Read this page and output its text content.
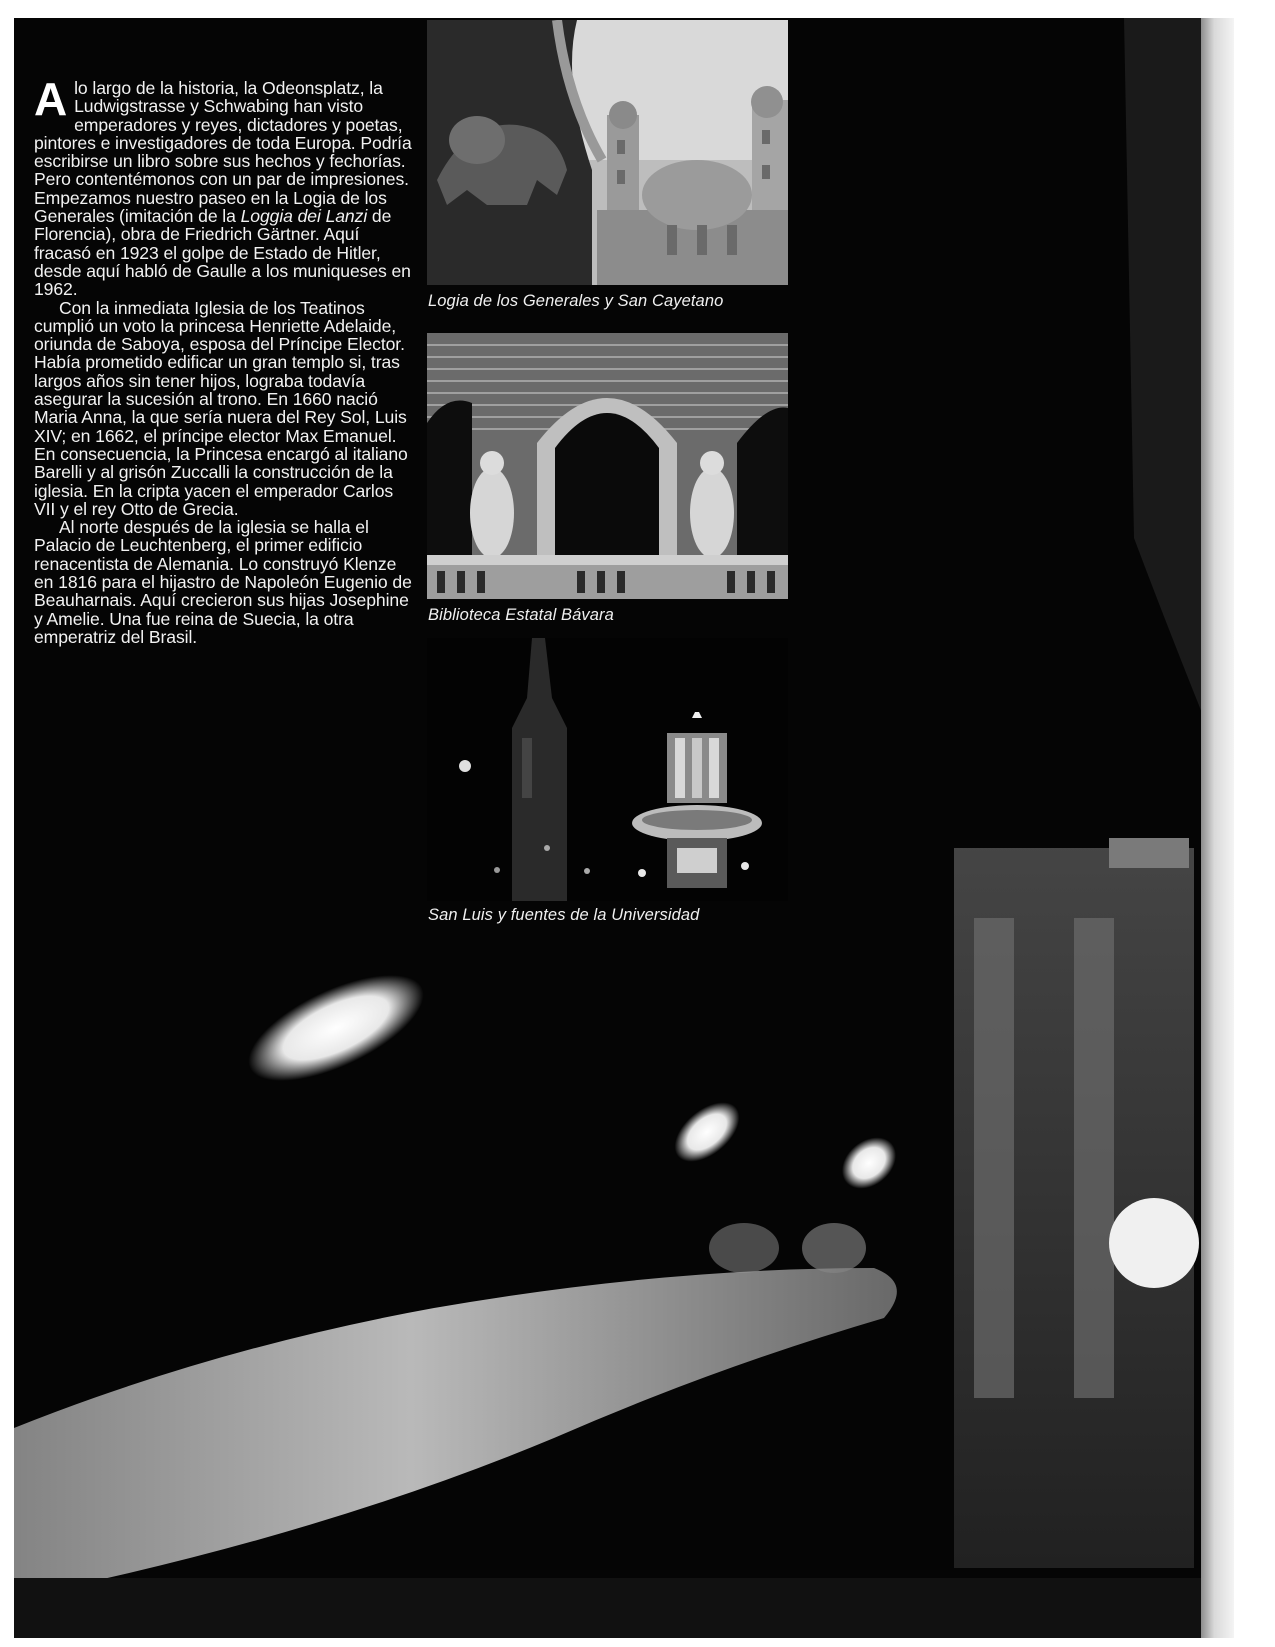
A lo largo de la historia, la Odeonsplatz, la Ludwigstrasse y Schwabing han visto emperadores y reyes, dictadores y poetas, pintores e investigadores de toda Europa. Podría escribirse un libro sobre sus hechos y fechorías. Pero contentémonos con un par de impresiones. Empezamos nuestro paseo en la Logia de los Generales (imitación de la Loggia dei Lanzi de Florencia), obra de Friedrich Gärtner. Aquí fracasó en 1923 el golpe de Estado de Hitler, desde aquí habló de Gaulle a los muniqueses en 1962.

Con la inmediata Iglesia de los Teatinos cumplió un voto la princesa Henriette Adelaide, oriunda de Saboya, esposa del Príncipe Elector. Había prometido edificar un gran templo si, tras largos años sin tener hijos, lograba todavía asegurar la sucesión al trono. En 1660 nació Maria Anna, la que sería nuera del Rey Sol, Luis XIV; en 1662, el príncipe elector Max Emanuel. En consecuencia, la Princesa encargó al italiano Barelli y al grisón Zuccalli la construcción de la iglesia. En la cripta yacen el emperador Carlos VII y el rey Otto de Grecia.

Al norte después de la iglesia se halla el Palacio de Leuchtenberg, el primer edificio renacentista de Alemania. Lo construyó Klenze en 1816 para el hijastro de Napoleón Eugenio de Beauharnais. Aquí crecieron sus hijas Josephine y Amelie. Una fue reina de Suecia, la otra emperatriz del Brasil.

Logia de los Generales y San Cayetano
Biblioteca Estatal Bávara
San Luis y fuentes de la Universidad
